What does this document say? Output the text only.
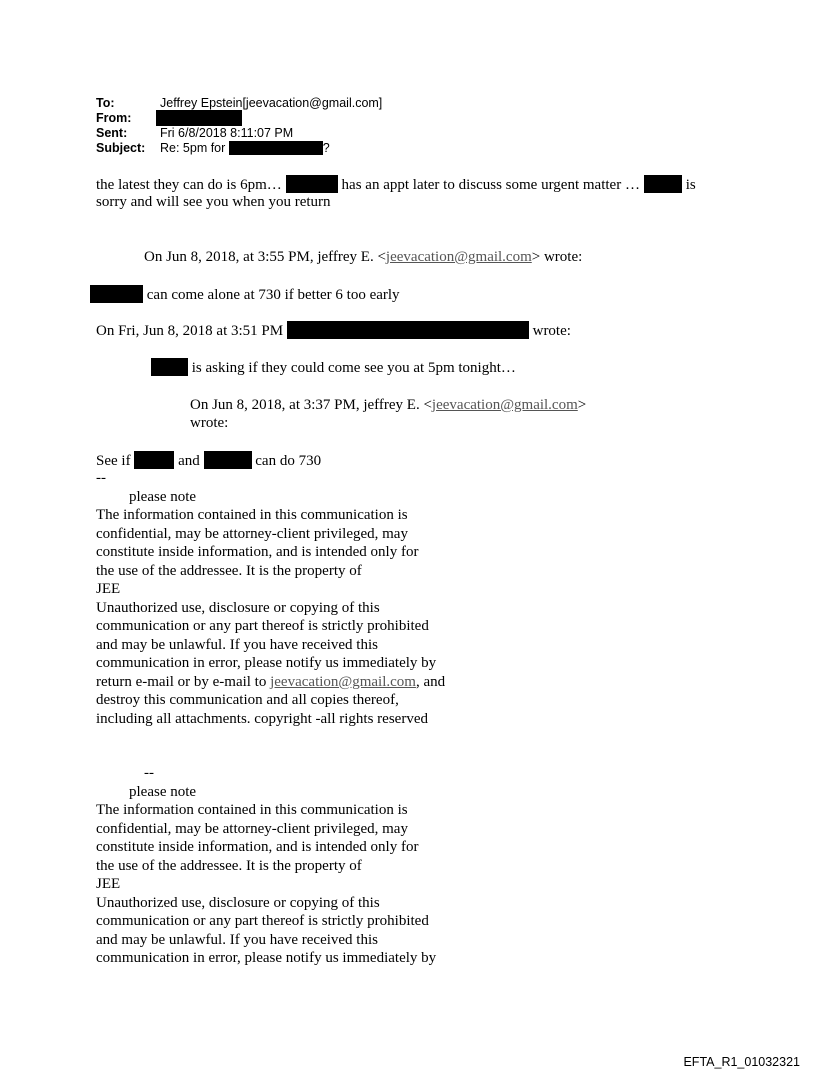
To:	Jeffrey Epstein[jeevacation@gmail.com]
From:
Sent:	Fri 6/8/2018 8:11:07 PM
Subject: Re: 5pm for	?
the latest they can do is 6pm…	has an appt later to discuss some urgent matter …	is
sorry and will see you when you return
On Jun 8, 2018, at 3:55 PM, jeffrey E. <jeevacation@gmail.com> wrote:
can come alone at 730 if better 6 too early
On Fri, Jun 8, 2018 at 3:51 PM	wrote:
is asking if they could come see you at 5pm tonight…
On Jun 8, 2018, at 3:37 PM, jeffrey E. <jeevacation@gmail.com>
wrote:
See if	and	can do 730
--
please note
The information contained in this communication is
confidential, may be attorney-client privileged, may
constitute inside information, and is intended only for
the use of the addressee. It is the property of
JEE
Unauthorized use, disclosure or copying of this
communication or any part thereof is strictly prohibited
and may be unlawful. If you have received this
communication in error, please notify us immediately by
return e-mail or by e-mail to jeevacation@gmail.com, and
destroy this communication and all copies thereof,
including all attachments. copyright -all rights reserved
--
please note
The information contained in this communication is
confidential, may be attorney-client privileged, may
constitute inside information, and is intended only for
the use of the addressee. It is the property of
JEE
Unauthorized use, disclosure or copying of this
communication or any part thereof is strictly prohibited
and may be unlawful. If you have received this
communication in error, please notify us immediately by
EFTA_R1_01032321
